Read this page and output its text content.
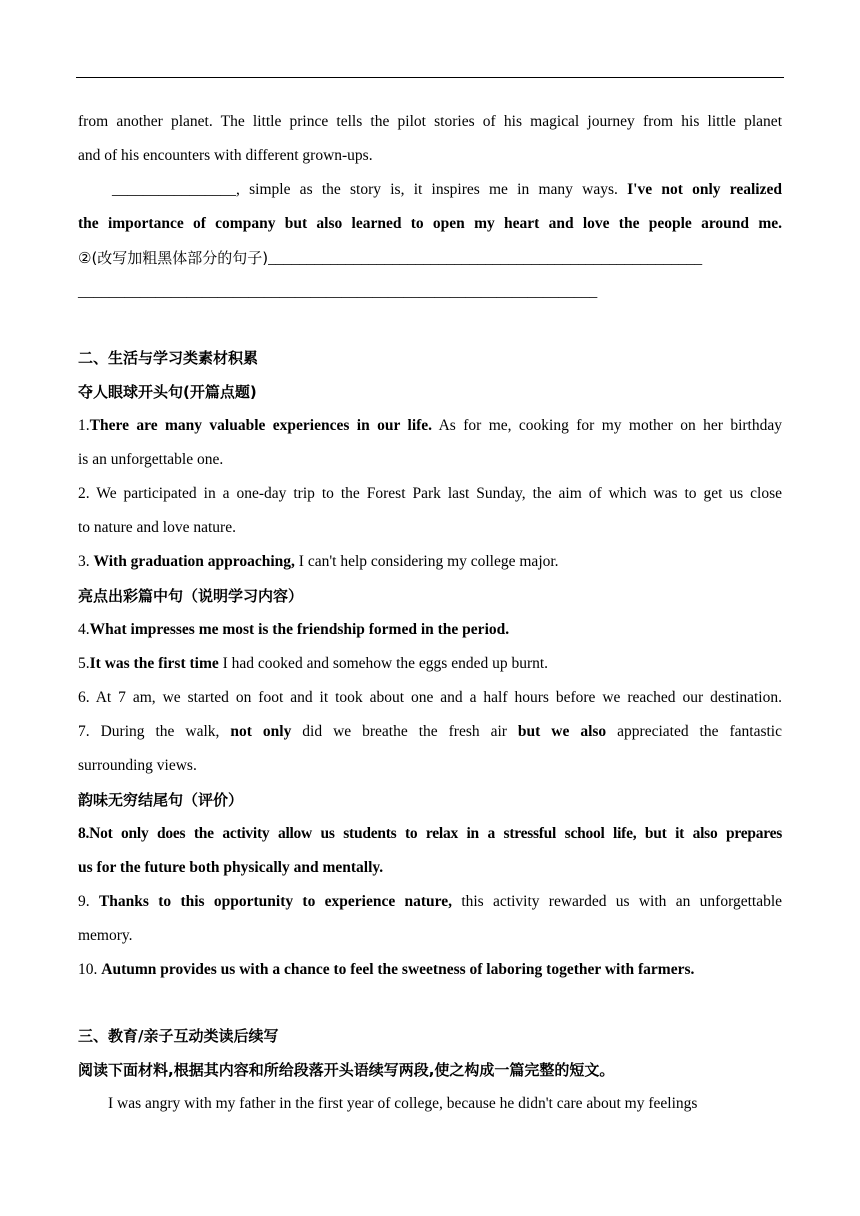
from another planet. The little prince tells the pilot stories of his magical journey from his little planet
and of his encounters with different grown-ups.
________________, simple as the story is, it inspires me in many ways. I've not only realized
the importance of company but also learned to open my heart and love the people around me.
②(改写加粗黑体部分的句子)________________________________________________________
___________________________________________________________________
二、生活与学习类素材积累
夺人眼球开头句(开篇点题)
1.There are many valuable experiences in our life. As for me, cooking for my mother on her birthday
is an unforgettable one.
2. We participated in a one-day trip to the Forest Park last Sunday, the aim of which was to get us close
to nature and love nature.
3. With graduation approaching, I can't help considering my college major.
亮点出彩篇中句（说明学习内容）
4.What impresses me most is the friendship formed in the period.
5.It was the first time I had cooked and somehow the eggs ended up burnt.
6. At 7 am, we started on foot and it took about one and a half hours before we reached our destination.
7. During the walk, not only did we breathe the fresh air but we also appreciated the fantastic
surrounding views.
韵味无穷结尾句（评价）
8.Not only does the activity allow us students to relax in a stressful school life, but it also prepares
us for the future both physically and mentally.
9. Thanks to this opportunity to experience nature, this activity rewarded us with an unforgettable
memory.
10. Autumn provides us with a chance to feel the sweetness of laboring together with farmers.
三、教育/亲子互动类读后续写
阅读下面材料,根据其内容和所给段落开头语续写两段,使之构成一篇完整的短文。
I was angry with my father in the first year of college, because he didn't care about my feelings
